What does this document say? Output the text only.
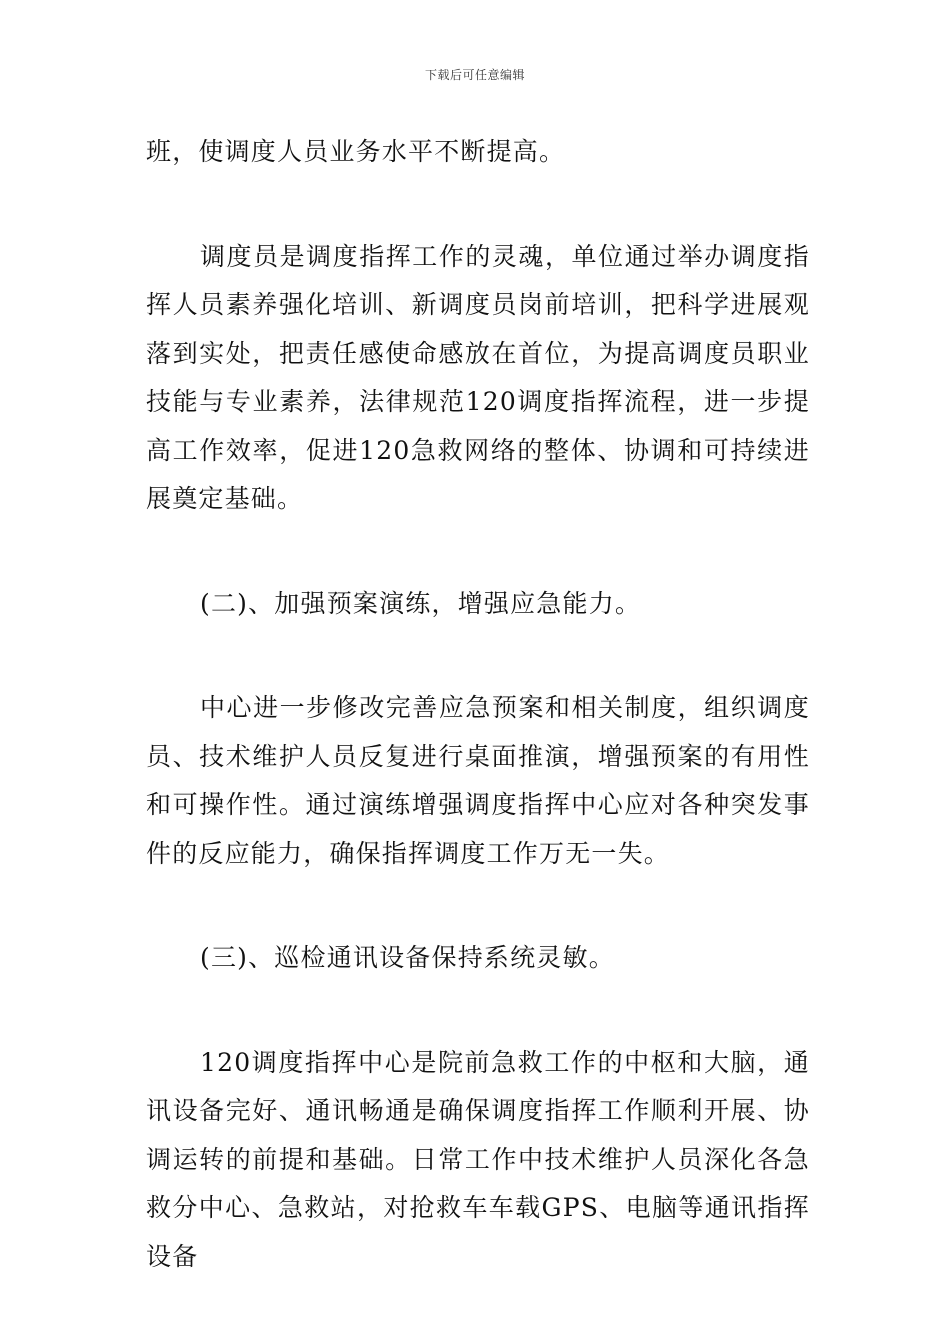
下载后可任意编辑

班，使调度人员业务水平不断提高。

调度员是调度指挥工作的灵魂，单位通过举办调度指挥人员素养强化培训、新调度员岗前培训，把科学进展观落到实处，把责任感使命感放在首位，为提高调度员职业技能与专业素养，法律规范120调度指挥流程，进一步提高工作效率，促进120急救网络的整体、协调和可持续进展奠定基础。

(二)、加强预案演练，增强应急能力。

中心进一步修改完善应急预案和相关制度，组织调度员、技术维护人员反复进行桌面推演，增强预案的有用性和可操作性。通过演练增强调度指挥中心应对各种突发事件的反应能力，确保指挥调度工作万无一失。

(三)、巡检通讯设备保持系统灵敏。

120调度指挥中心是院前急救工作的中枢和大脑，通讯设备完好、通讯畅通是确保调度指挥工作顺利开展、协调运转的前提和基础。日常工作中技术维护人员深化各急救分中心、急救站，对抢救车车载GPS、电脑等通讯指挥设备
